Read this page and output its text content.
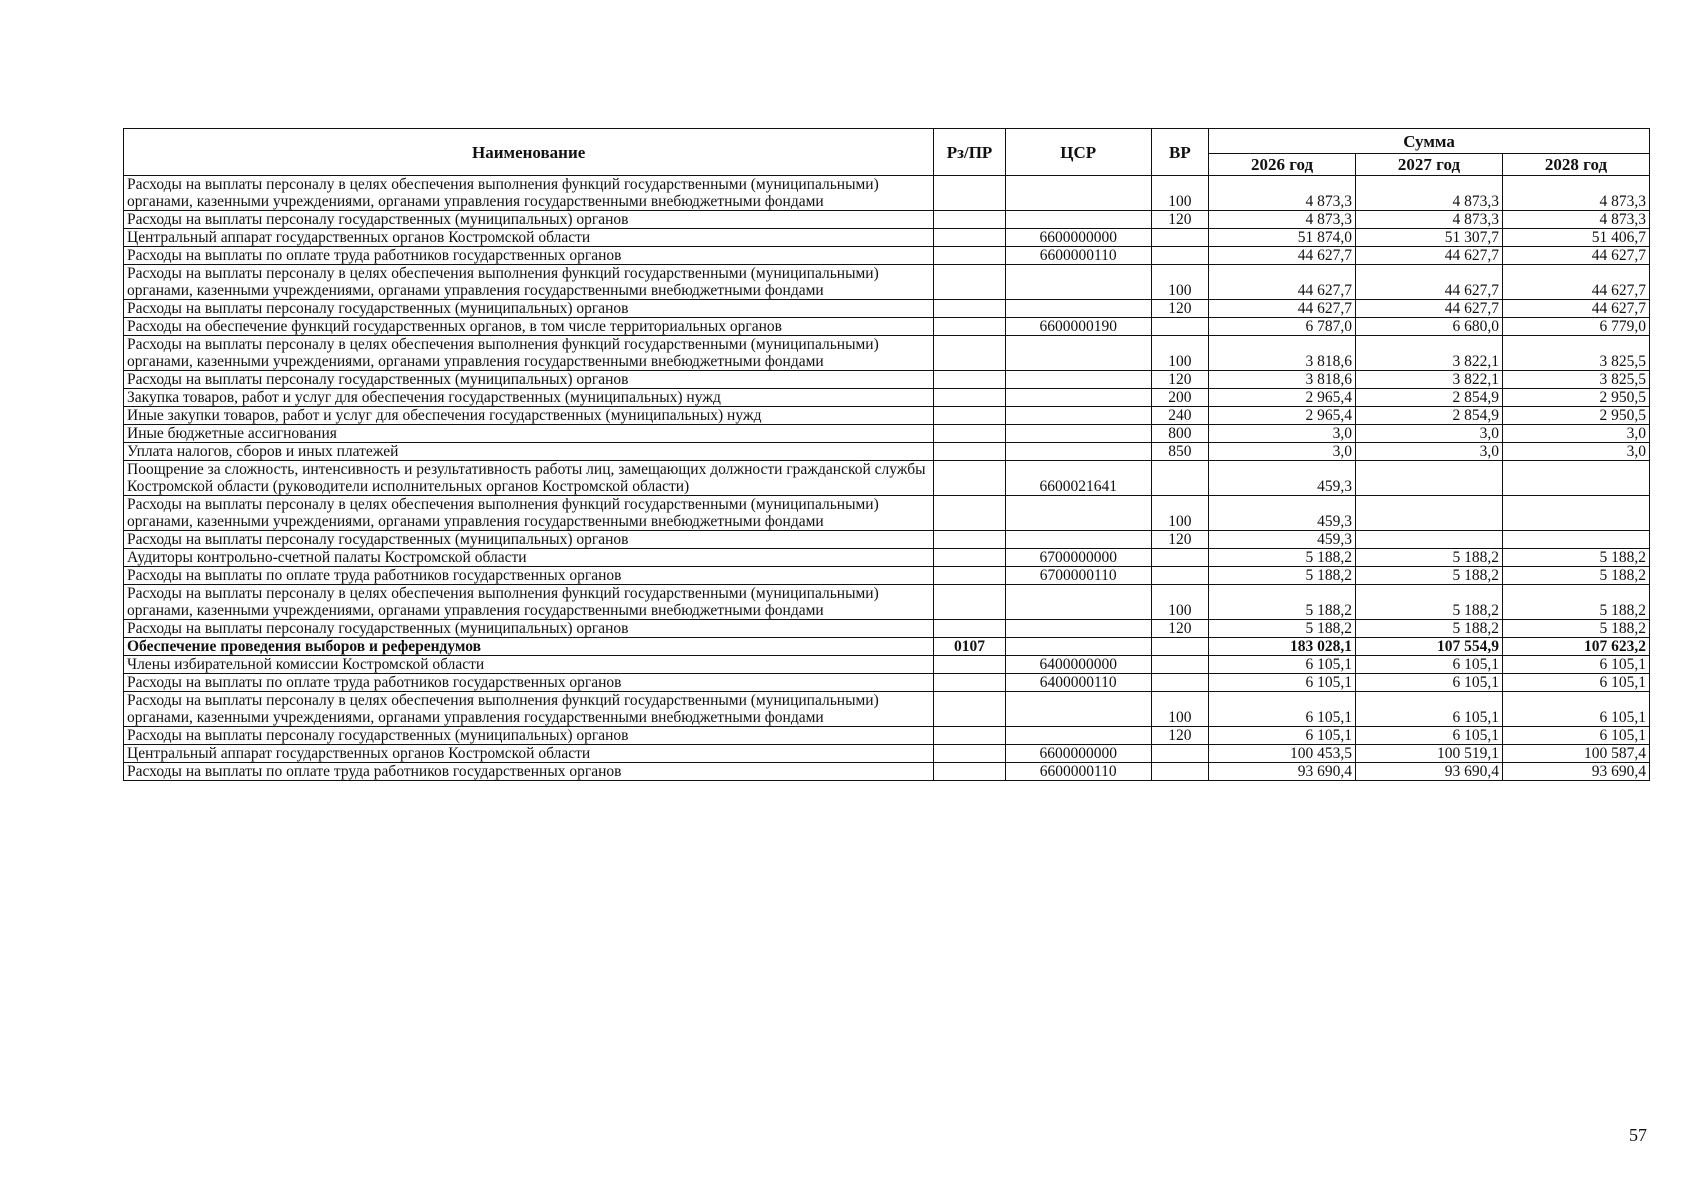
Наименование	Рз/ПР	ЦСР	ВР	Сумма		
				2026 год	2027 год	2028 год
Расходы на выплаты персоналу в целях обеспечения выполнения функций государственными (муниципальными) органами, казенными учреждениями, органами управления государственными внебюджетными фондами			100	4 873,3	4 873,3	4 873,3
Расходы на выплаты персоналу государственных (муниципальных) органов			120	4 873,3	4 873,3	4 873,3
Центральный аппарат государственных органов Костромской области		6600000000		51 874,0	51 307,7	51 406,7
Расходы на выплаты по оплате труда работников государственных органов		6600000110		44 627,7	44 627,7	44 627,7
Расходы на выплаты персоналу в целях обеспечения выполнения функций государственными (муниципальными) органами, казенными учреждениями, органами управления государственными внебюджетными фондами			100	44 627,7	44 627,7	44 627,7
Расходы на выплаты персоналу государственных (муниципальных) органов			120	44 627,7	44 627,7	44 627,7
Расходы на обеспечение функций государственных органов, в том числе территориальных органов		6600000190		6 787,0	6 680,0	6 779,0
Расходы на выплаты персоналу в целях обеспечения выполнения функций государственными (муниципальными) органами, казенными учреждениями, органами управления государственными внебюджетными фондами			100	3 818,6	3 822,1	3 825,5
Расходы на выплаты персоналу государственных (муниципальных) органов			120	3 818,6	3 822,1	3 825,5
Закупка товаров, работ и услуг для обеспечения государственных (муниципальных) нужд			200	2 965,4	2 854,9	2 950,5
Иные закупки товаров, работ и услуг для обеспечения государственных (муниципальных) нужд			240	2 965,4	2 854,9	2 950,5
Иные бюджетные ассигнования			800	3,0	3,0	3,0
Уплата налогов, сборов и иных платежей			850	3,0	3,0	3,0
Поощрение за сложность, интенсивность и результативность работы лиц, замещающих должности гражданской службы Костромской области (руководители исполнительных органов Костромской области)		6600021641		459,3		
Расходы на выплаты персоналу в целях обеспечения выполнения функций государственными (муниципальными) органами, казенными учреждениями, органами управления государственными внебюджетными фондами			100	459,3		
Расходы на выплаты персоналу государственных (муниципальных) органов			120	459,3		
Аудиторы контрольно-счетной палаты Костромской области		6700000000		5 188,2	5 188,2	5 188,2
Расходы на выплаты по оплате труда работников государственных органов		6700000110		5 188,2	5 188,2	5 188,2
Расходы на выплаты персоналу в целях обеспечения выполнения функций государственными (муниципальными) органами, казенными учреждениями, органами управления государственными внебюджетными фондами			100	5 188,2	5 188,2	5 188,2
Расходы на выплаты персоналу государственных (муниципальных) органов			120	5 188,2	5 188,2	5 188,2
Обеспечение проведения выборов и референдумов	0107			183 028,1	107 554,9	107 623,2
Члены избирательной комиссии Костромской области		6400000000		6 105,1	6 105,1	6 105,1
Расходы на выплаты по оплате труда работников государственных органов		6400000110		6 105,1	6 105,1	6 105,1
Расходы на выплаты персоналу в целях обеспечения выполнения функций государственными (муниципальными) органами, казенными учреждениями, органами управления государственными внебюджетными фондами			100	6 105,1	6 105,1	6 105,1
Расходы на выплаты персоналу государственных (муниципальных) органов			120	6 105,1	6 105,1	6 105,1
Центральный аппарат государственных органов Костромской области		6600000000		100 453,5	100 519,1	100 587,4
Расходы на выплаты по оплате труда работников государственных органов		6600000110		93 690,4	93 690,4	93 690,4
57
